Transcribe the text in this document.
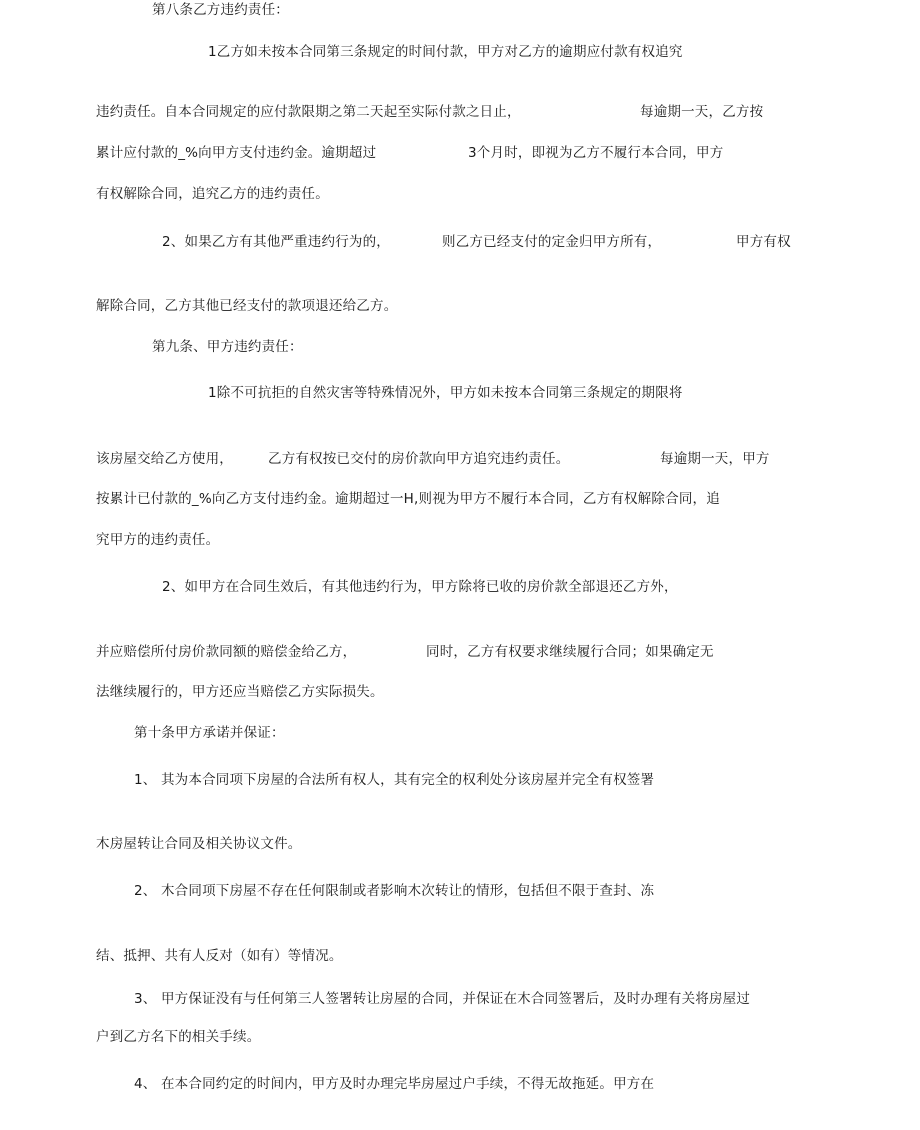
第八条乙方违约责任：
1乙方如未按本合同第三条规定的时间付款，甲方对乙方的逾期应付款有权追究
违约责任。自本合同规定的应付款限期之第二天起至实际付款之日止，	每逾期一天，乙方按
累计应付款的_%向甲方支付违约金。逾期超过	3个月时，即视为乙方不履行本合同，甲方
有权解除合同，追究乙方的违约责任。
2、如果乙方有其他严重违约行为的，	则乙方已经支付的定金归甲方所有，	甲方有权
解除合同，乙方其他已经支付的款项退还给乙方。
第九条、甲方违约责任：
1除不可抗拒的自然灾害等特殊情况外，甲方如未按本合同第三条规定的期限将
该房屋交给乙方使用，	乙方有权按已交付的房价款向甲方追究违约责任。	每逾期一天，甲方
按累计已付款的_%向乙方支付违约金。逾期超过一H,则视为甲方不履行本合同，乙方有权解除合同，追
究甲方的违约责任。
2、如甲方在合同生效后，有其他违约行为，甲方除将已收的房价款全部退还乙方外，
并应赔偿所付房价款同额的赔偿金给乙方，	同时，乙方有权要求继续履行合同；如果确定无
法继续履行的，甲方还应当赔偿乙方实际损失。
第十条甲方承诺并保证：
1、 其为本合同项下房屋的合法所有权人，其有完全的权利处分该房屋并完全有权签署
木房屋转让合同及相关协议文件。
2、 木合同项下房屋不存在任何限制或者影响木次转让的情形，包括但不限于查封、冻
结、抵押、共有人反对（如有）等情况。
3、 甲方保证没有与任何第三人签署转让房屋的合同，并保证在木合同签署后，及时办理有关将房屋过
户到乙方名下的相关手续。
4、 在本合同约定的时间内，甲方及时办理完毕房屋过户手续，不得无故拖延。甲方在
